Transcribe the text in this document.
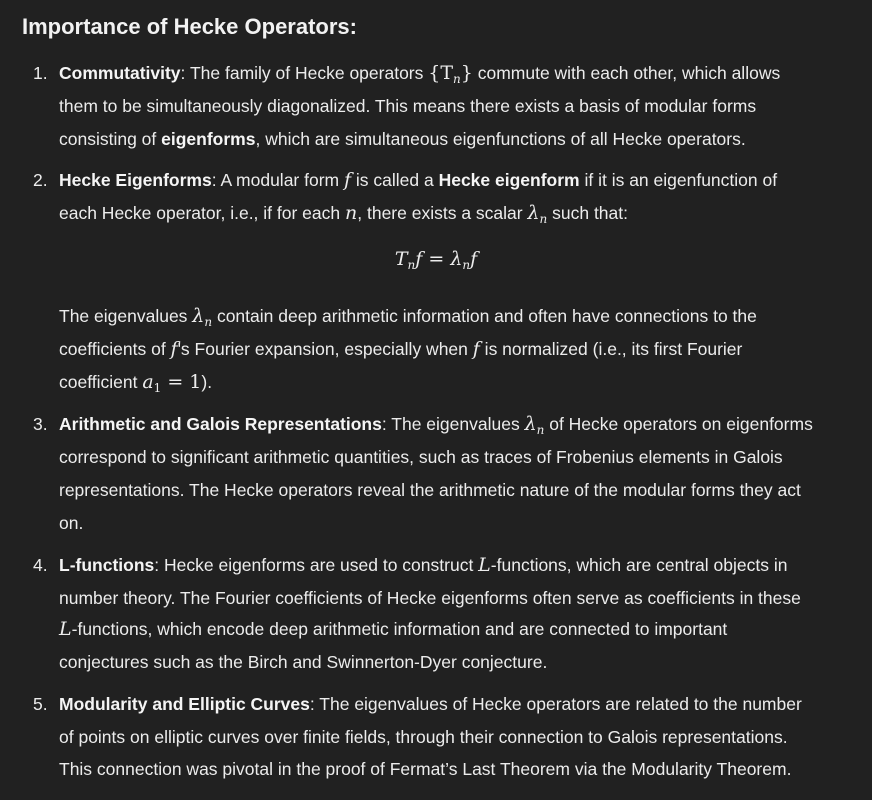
Importance of Hecke Operators:
1. Commutativity: The family of Hecke operators $\{T_n\}$ commute with each other, which allows
them to be simultaneously diagonalized. This means there exists a basis of modular forms
consisting of eigenforms, which are simultaneous eigenfunctions of all Hecke operators.
2. Hecke Eigenforms: A modular form f is called a Hecke eigenform if it is an eigenfunction of
each Hecke operator, i.e., if for each n, there exists a scalar $\lambda_n$ such that:
$T_nf = \lambda_nf$
The eigenvalues $\lambda_n$ contain deep arithmetic information and often have connections to the
coefficients of f's Fourier expansion, especially when f is normalized (i.e., its first Fourier
coefficient $a_1 = 1$).
3. Arithmetic and Galois Representations: The eigenvalues $\lambda_n$ of Hecke operators on eigenforms
correspond to significant arithmetic quantities, such as traces of Frobenius elements in Galois
representations. The Hecke operators reveal the arithmetic nature of the modular forms they act
on.
4. L-functions: Hecke eigenforms are used to construct L-functions, which are central objects in
number theory. The Fourier coefficients of Hecke eigenforms often serve as coefficients in these
L-functions, which encode deep arithmetic information and are connected to important
conjectures such as the Birch and Swinnerton-Dyer conjecture.
5. Modularity and Elliptic Curves: The eigenvalues of Hecke operators are related to the number
of points on elliptic curves over finite fields, through their connection to Galois representations.
This connection was pivotal in the proof of Fermat’s Last Theorem via the Modularity Theorem.
